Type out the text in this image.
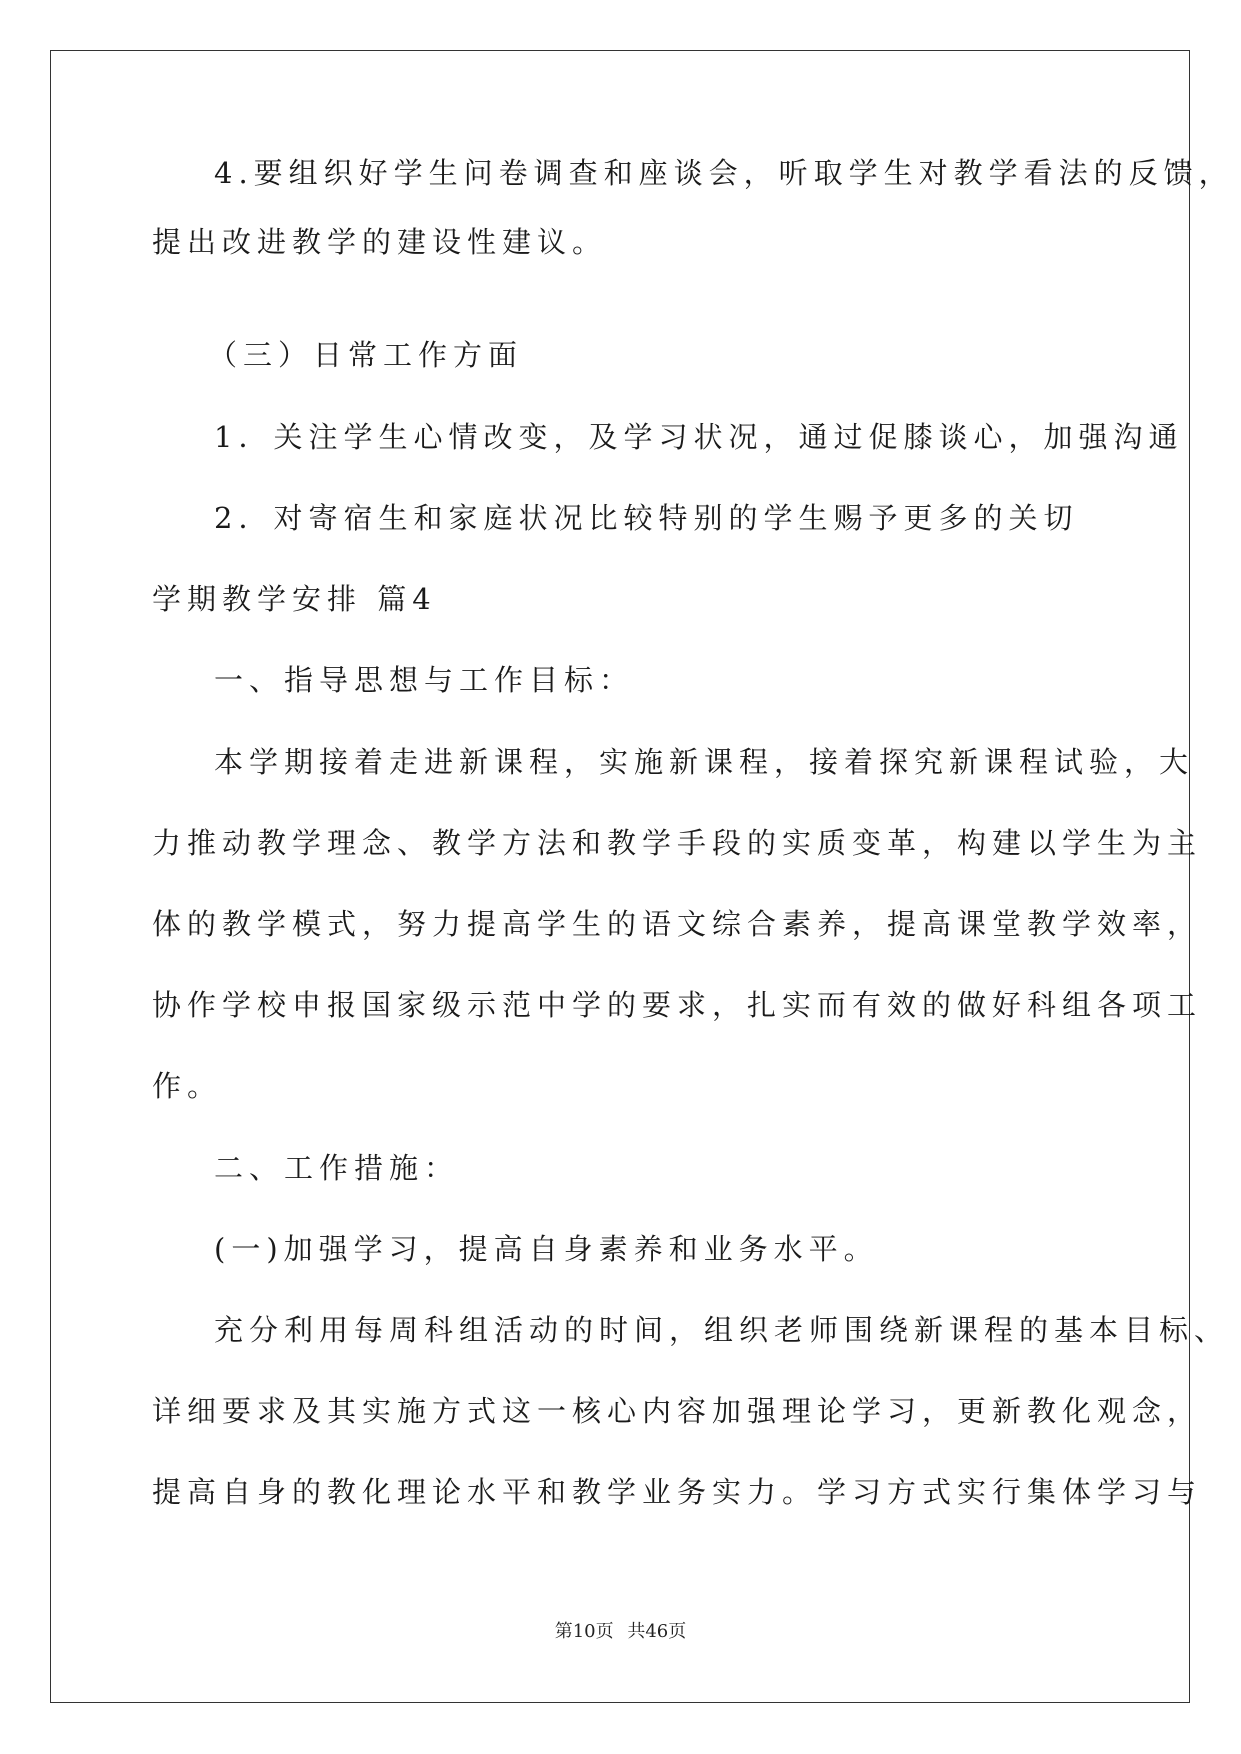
4.要组织好学生问卷调查和座谈会，听取学生对教学看法的反馈，
提出改进教学的建设性建议。
（三）日常工作方面
1．关注学生心情改变，及学习状况，通过促膝谈心，加强沟通
2．对寄宿生和家庭状况比较特别的学生赐予更多的关切
学期教学安排 篇4
一、指导思想与工作目标：
本学期接着走进新课程，实施新课程，接着探究新课程试验，大
力推动教学理念、教学方法和教学手段的实质变革，构建以学生为主
体的教学模式，努力提高学生的语文综合素养，提高课堂教学效率，
协作学校申报国家级示范中学的要求，扎实而有效的做好科组各项工
作。
二、工作措施：
(一)加强学习，提高自身素养和业务水平。
充分利用每周科组活动的时间，组织老师围绕新课程的基本目标、
详细要求及其实施方式这一核心内容加强理论学习，更新教化观念，
提高自身的教化理论水平和教学业务实力。学习方式实行集体学习与
第10页 共46页
